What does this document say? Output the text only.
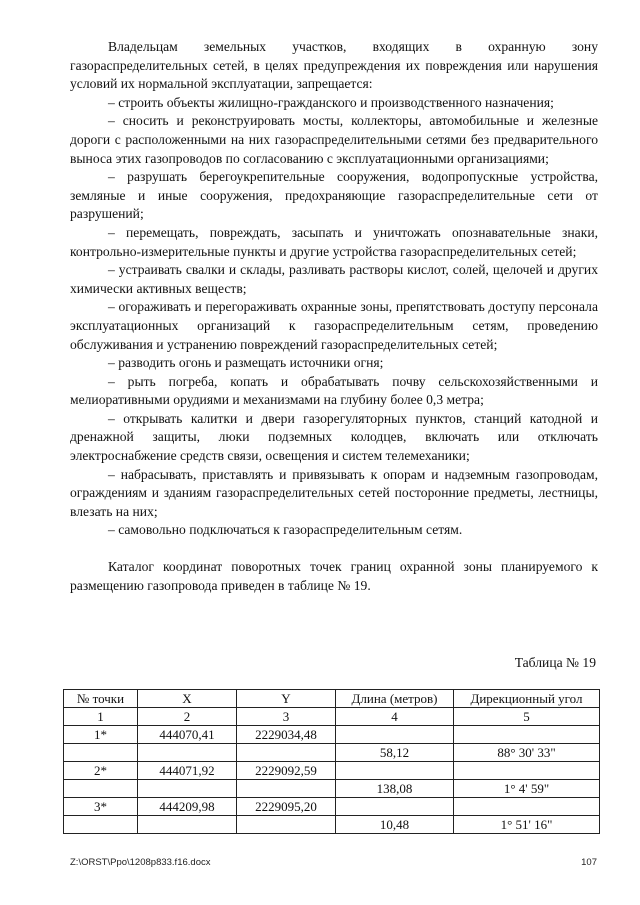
Владельцам земельных участков, входящих в охранную зону газораспределительных сетей, в целях предупреждения их повреждения или нарушения условий их нормальной эксплуатации, запрещается:

– строить объекты жилищно-гражданского и производственного назначения;

– сносить и реконструировать мосты, коллекторы, автомобильные и железные дороги с расположенными на них газораспределительными сетями без предварительного выноса этих газопроводов по согласованию с эксплуатационными организациями;

– разрушать берегоукрепительные сооружения, водопропускные устройства, земляные и иные сооружения, предохраняющие газораспределительные сети от разрушений;

– перемещать, повреждать, засыпать и уничтожать опознавательные знаки, контрольно-измерительные пункты и другие устройства газораспределительных сетей;

– устраивать свалки и склады, разливать растворы кислот, солей, щелочей и других химически активных веществ;

– огораживать и перегораживать охранные зоны, препятствовать доступу персонала эксплуатационных организаций к газораспределительным сетям, проведению обслуживания и устранению повреждений газораспределительных сетей;

– разводить огонь и размещать источники огня;

– рыть погреба, копать и обрабатывать почву сельскохозяйственными и мелиоративными орудиями и механизмами на глубину более 0,3 метра;

– открывать калитки и двери газорегуляторных пунктов, станций катодной и дренажной защиты, люки подземных колодцев, включать или отключать электроснабжение средств связи, освещения и систем телемеханики;

– набрасывать, приставлять и привязывать к опорам и надземным газопроводам, ограждениям и зданиям газораспределительных сетей посторонние предметы, лестницы, влезать на них;

– самовольно подключаться к газораспределительным сетям.

Каталог координат поворотных точек границ охранной зоны планируемого к размещению газопровода приведен в таблице № 19.

Таблица № 19
№ точки	X	Y	Длина (метров)	Дирекционный угол
1	2	3	4	5
1*	444070,41	2229034,48		
			58,12	88° 30' 33"
2*	444071,92	2229092,59		
			138,08	1° 4' 59"
3*	444209,98	2229095,20		
			10,48	1° 51' 16"
Z:\ORST\Ppo\1208p833.f16.docx	107
